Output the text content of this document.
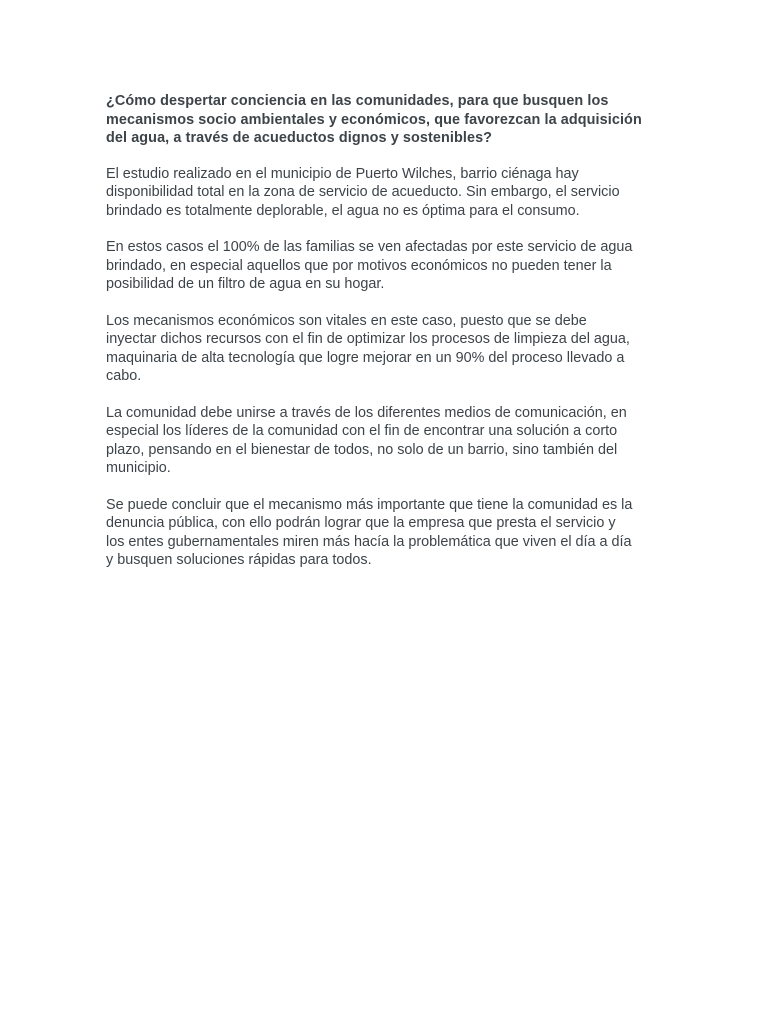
¿Cómo despertar conciencia en las comunidades, para que busquen los
mecanismos socio ambientales y económicos, que favorezcan la adquisición
del agua, a través de acueductos dignos y sostenibles?
El estudio realizado en el municipio de Puerto Wilches, barrio ciénaga hay
disponibilidad total en la zona de servicio de acueducto. Sin embargo, el servicio
brindado es totalmente deplorable, el agua no es óptima para el consumo.
En estos casos el 100% de las familias se ven afectadas por este servicio de agua
brindado, en especial aquellos que por motivos económicos no pueden tener la
posibilidad de un filtro de agua en su hogar.
Los mecanismos económicos son vitales en este caso, puesto que se debe
inyectar dichos recursos con el fin de optimizar los procesos de limpieza del agua,
maquinaria de alta tecnología que logre mejorar en un 90% del proceso llevado a
cabo.
La comunidad debe unirse a través de los diferentes medios de comunicación, en
especial los líderes de la comunidad con el fin de encontrar una solución a corto
plazo, pensando en el bienestar de todos, no solo de un barrio, sino también del
municipio.
Se puede concluir que el mecanismo más importante que tiene la comunidad es la
denuncia pública, con ello podrán lograr que la empresa que presta el servicio y
los entes gubernamentales miren más hacía la problemática que viven el día a día
y busquen soluciones rápidas para todos.
